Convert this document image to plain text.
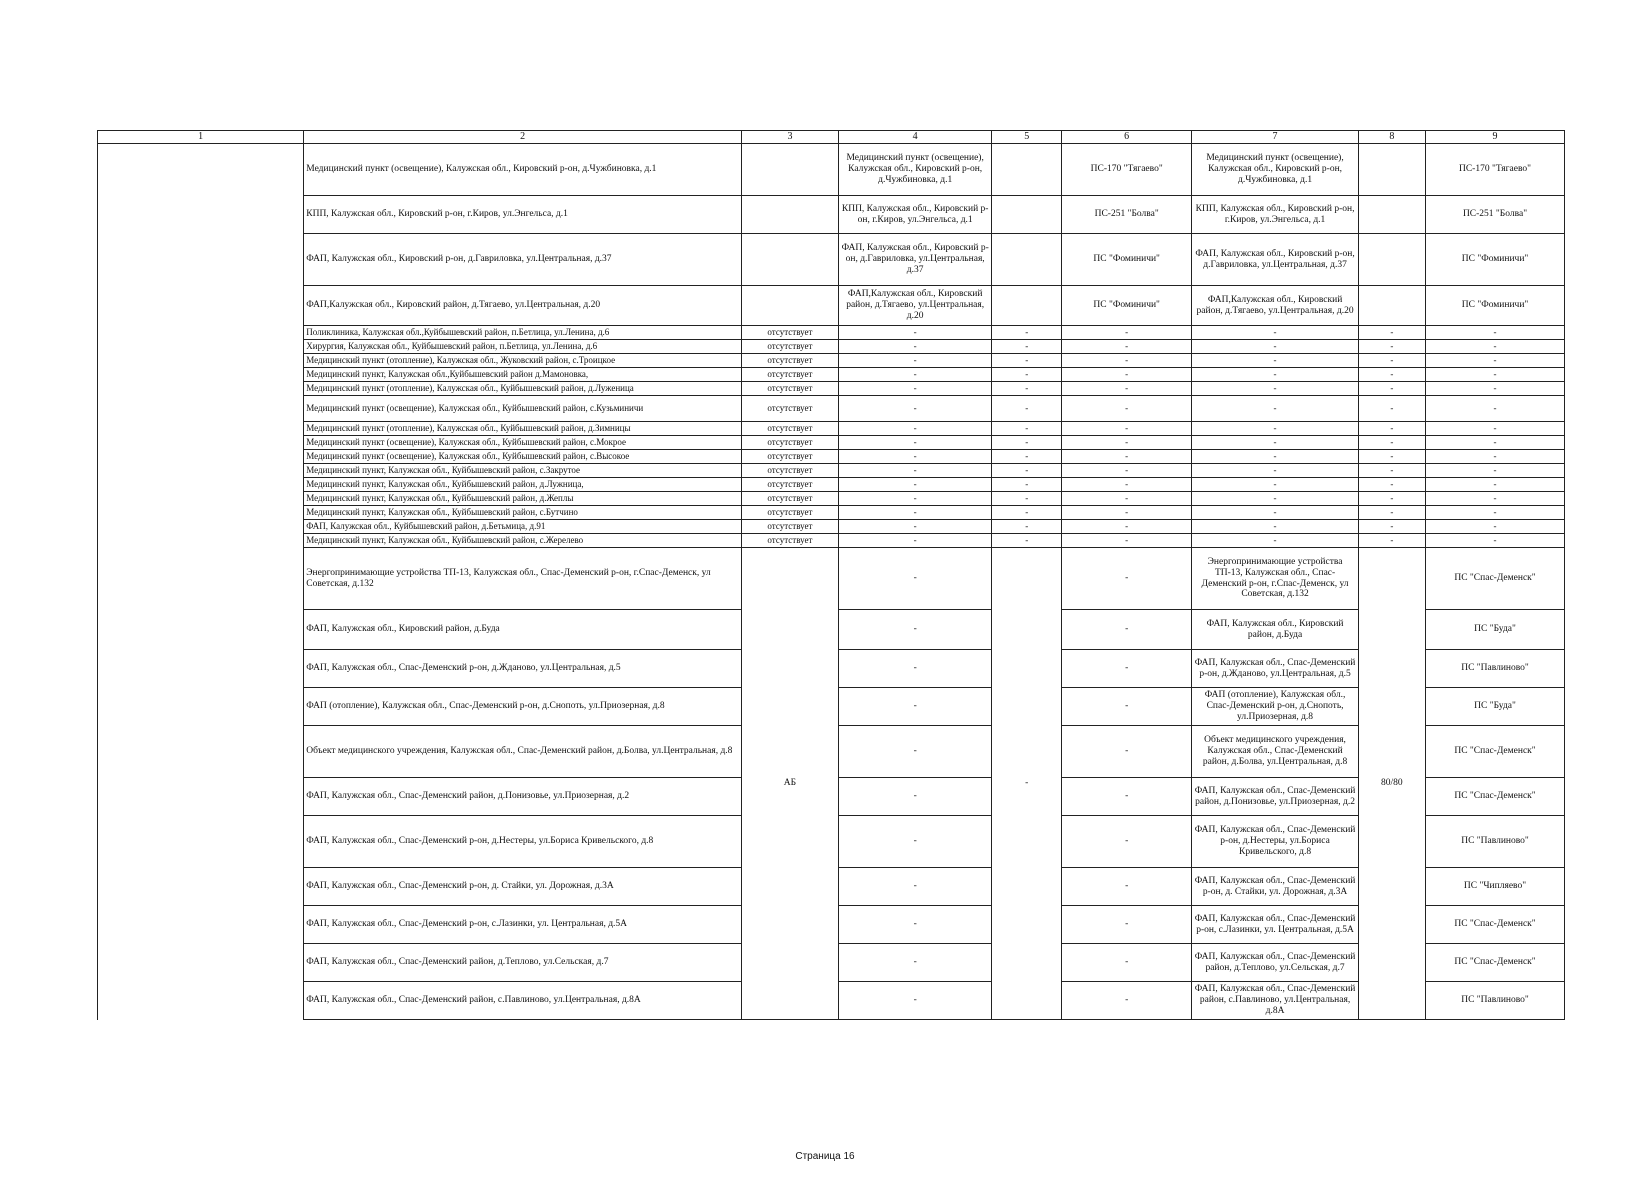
1	2	3	4	5	6	7	8	9
	Медицинский пункт (освещение), Калужская обл., Кировский р-он, д.Чужбиновка, д.1		Медицинский пункт (освещение), Калужская обл., Кировский р-он, д.Чужбиновка, д.1		ПС-170 "Тягаево"	Медицинский пункт (освещение), Калужская обл., Кировский р-он, д.Чужбиновка, д.1		ПС-170 "Тягаево"
	КПП, Калужская обл., Кировский р-он, г.Киров, ул.Энгельса, д.1		КПП, Калужская обл., Кировский р-он, г.Киров, ул.Энгельса, д.1		ПС-251 "Болва"	КПП, Калужская обл., Кировский р-он, г.Киров, ул.Энгельса, д.1		ПС-251 "Болва"
	ФАП, Калужская обл., Кировский р-он, д.Гавриловка, ул.Центральная, д.37		ФАП, Калужская обл., Кировский р-он, д.Гавриловка, ул.Центральная, д.37		ПС "Фоминичи"	ФАП, Калужская обл., Кировский р-он, д.Гавриловка, ул.Центральная, д.37		ПС "Фоминичи"
	ФАП,Калужская обл., Кировский район, д.Тягаево, ул.Центральная, д.20		ФАП,Калужская обл., Кировский район, д.Тягаево, ул.Центральная, д.20		ПС "Фоминичи"	ФАП,Калужская обл., Кировский район, д.Тягаево, ул.Центральная, д.20		ПС "Фоминичи"
	Поликлиника, Калужская обл.,Куйбышевский район, п.Бетлица, ул.Ленина, д.6	отсутствует	-	-	-	-	-	-
	Хирургия, Калужская обл., Куйбышевский район, п.Бетлица, ул.Ленина, д.6	отсутствует	-	-	-	-	-	-
	Медицинский пункт (отопление), Калужская обл., Жуковский район, с.Троицкое	отсутствует	-	-	-	-	-	-
	Медицинский пункт, Калужская обл.,Куйбышевский район д.Мамоновка,	отсутствует	-	-	-	-	-	-
	Медицинский пункт (отопление), Калужская обл., Куйбышевский район, д.Луженица	отсутствует	-	-	-	-	-	-
	Медицинский пункт (освещение), Калужская обл., Куйбышевский район, с.Кузьминичи	отсутствует	-	-	-	-	-	-
	Медицинский пункт (отопление), Калужская обл., Куйбышевский район, д.Зимницы	отсутствует	-	-	-	-	-	-
	Медицинский пункт (освещение), Калужская обл., Куйбышевский район, с.Мокрое	отсутствует	-	-	-	-	-	-
	Медицинский пункт (освещение), Калужская обл., Куйбышевский район, с.Высокое	отсутствует	-	-	-	-	-	-
	Медицинский пункт, Калужская обл., Куйбышевский район, с.Закрутое	отсутствует	-	-	-	-	-	-
	Медицинский пункт, Калужская обл., Куйбышевский район, д.Лужница,	отсутствует	-	-	-	-	-	-
	Медицинский пункт, Калужская обл., Куйбышевский район, д.Жеплы	отсутствует	-	-	-	-	-	-
	Медицинский пункт, Калужская обл., Куйбышевский район, с.Бутчино	отсутствует	-	-	-	-	-	-
	ФАП, Калужская обл., Куйбышевский район, д.Бетьмица, д.91	отсутствует	-	-	-	-	-	-
	Медицинский пункт, Калужская обл., Куйбышевский район, с.Жерелево	отсутствует	-	-	-	-	-	-
	Энергопринимающие устройства ТП-13, Калужская обл., Спас-Деменский р-он, г.Спас-Деменск, ул Советская, д.132	АБ	-	-	-	Энергопринимающие устройства ТП-13, Калужская обл., Спас-Деменский р-он, г.Спас-Деменск, ул Советская, д.132	80/80	ПС "Спас-Деменск"
	ФАП, Калужская обл., Кировский район, д.Буда		-		-	ФАП, Калужская обл., Кировский район, д.Буда		ПС "Буда"
	ФАП, Калужская обл., Спас-Деменский р-он, д.Жданово, ул.Центральная, д.5		-		-	ФАП, Калужская обл., Спас-Деменский р-он, д.Жданово, ул.Центральная, д.5		ПС "Павлиново"
	ФАП (отопление), Калужская обл., Спас-Деменский р-он, д.Снопоть, ул.Приозерная, д.8		-		-	ФАП (отопление), Калужская обл., Спас-Деменский р-он, д.Снопоть, ул.Приозерная, д.8		ПС "Буда"
	Объект медицинского учреждения, Калужская обл., Спас-Деменский район, д.Болва, ул.Центральная, д.8		-		-	Объект медицинского учреждения, Калужская обл., Спас-Деменский район, д.Болва, ул.Центральная, д.8		ПС "Спас-Деменск"
	ФАП, Калужская обл., Спас-Деменский район, д.Понизовье, ул.Приозерная, д.2		-		-	ФАП, Калужская обл., Спас-Деменский район, д.Понизовье, ул.Приозерная, д.2		ПС "Спас-Деменск"
	ФАП, Калужская обл., Спас-Деменский р-он, д.Нестеры, ул.Бориса Кривельского, д.8		-		-	ФАП, Калужская обл., Спас-Деменский р-он, д.Нестеры, ул.Бориса Кривельского, д.8		ПС "Павлиново"
	ФАП, Калужская обл., Спас-Деменский р-он, д. Стайки, ул. Дорожная, д.3А		-		-	ФАП, Калужская обл., Спас-Деменский р-он, д. Стайки, ул. Дорожная, д.3А		ПС "Чипляево"
	ФАП, Калужская обл., Спас-Деменский р-он, с.Лазинки, ул. Центральная, д.5А		-		-	ФАП, Калужская обл., Спас-Деменский р-он, с.Лазинки, ул. Центральная, д.5А		ПС "Спас-Деменск"
	ФАП, Калужская обл., Спас-Деменский район, д.Теплово, ул.Сельская, д.7		-		-	ФАП, Калужская обл., Спас-Деменский район, д.Теплово, ул.Сельская, д.7		ПС "Спас-Деменск"
	ФАП, Калужская обл., Спас-Деменский район, с.Павлиново, ул.Центральная, д.8А		-		-	ФАП, Калужская обл., Спас-Деменский район, с.Павлиново, ул.Центральная, д.8А		ПС "Павлиново"
Страница 16
